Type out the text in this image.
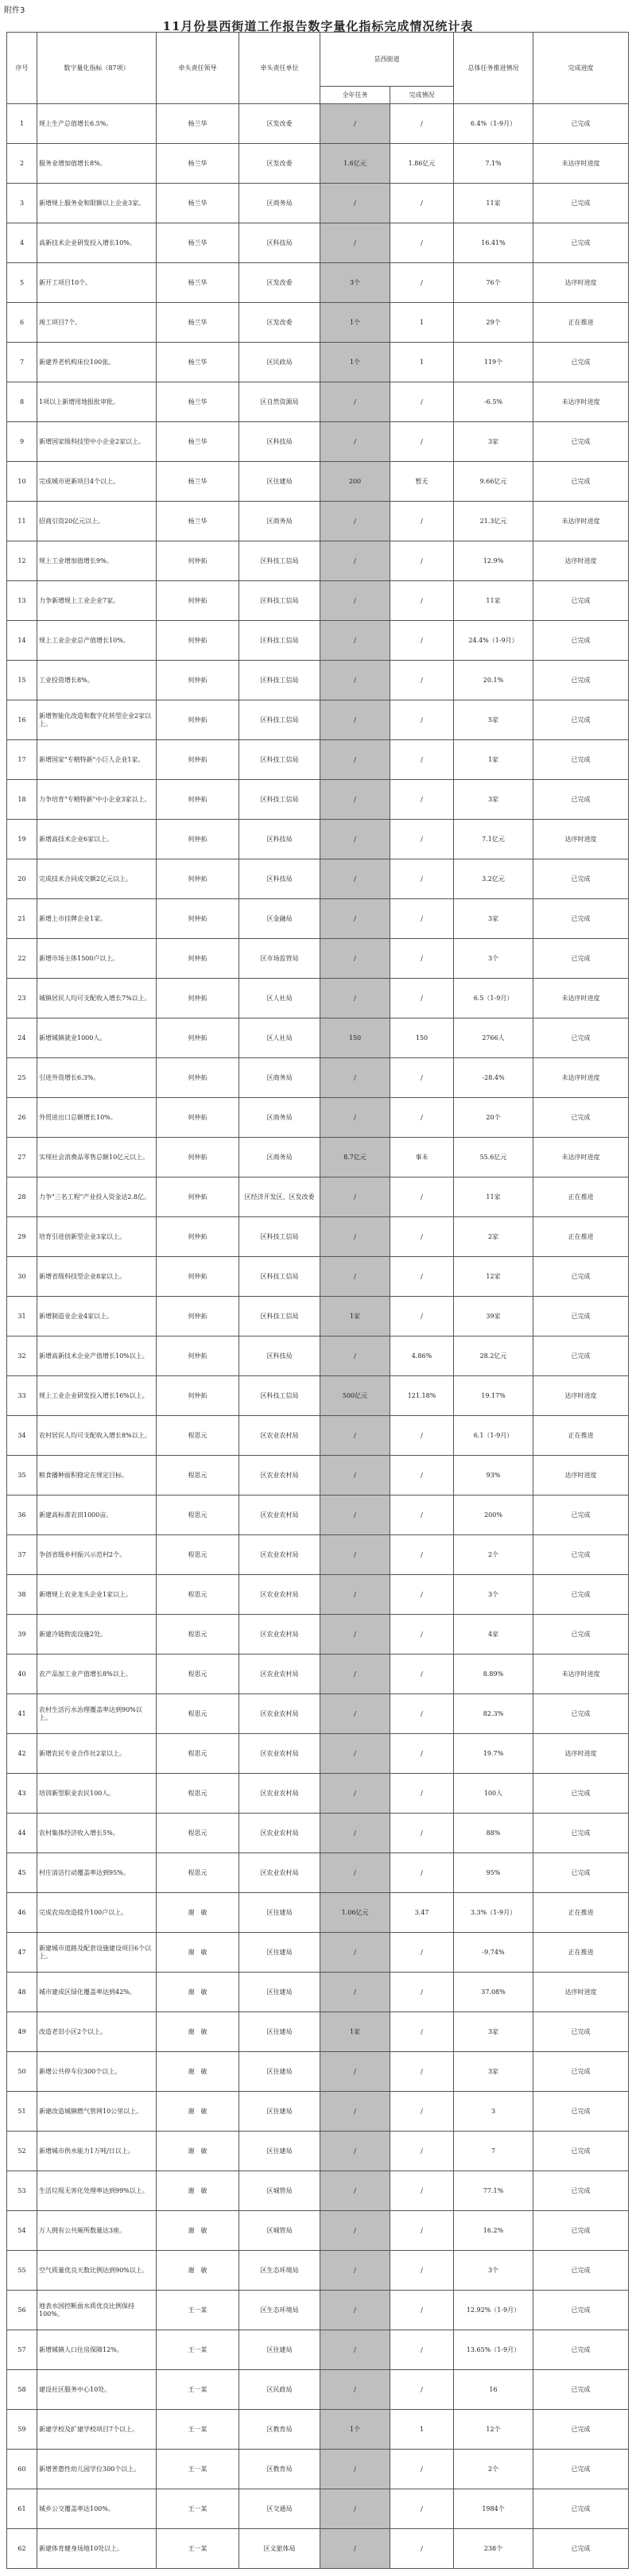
附件3
11月份昙西街道工作报告数字量化指标完成情况统计表
序号	数字量化指标（87项）	牵头责任领导	牵头责任单位	昙西街道		总体任务推进情况	完成进度
				全年任务	完成情况		
1	规上生产总值增长6.5%。	杨兰华	区发改委	/	/	6.4%（1-9月）	已完成
2	服务业增加值增长8%。	杨兰华	区发改委	1.6亿元	1.86亿元	7.1%	未达序时进度
3	新增规上服务业和限额以上企业3家。	杨兰华	区商务局	/	/	11家	已完成
4	高新技术企业研发投入增长10%。	杨兰华	区科技局	/	/	16.41%	已完成
5	新开工项目10个。	杨兰华	区发改委	3个	/	76个	达序时进度
6	竣工项目7个。	杨兰华	区发改委	1个	1	29个	正在推进
7	新建养老机构床位100张。	杨兰华	区民政局	1个	1	119个	已完成
8	1项以上新增用地报批审批。	杨兰华	区自然资源局	/	/	-6.5%	未达序时进度
9	新增国家级科技型中小企业2家以上。	杨兰华	区科技局	/	/	3家	已完成
10	完成城市更新项目4个以上。	杨兰华	区住建局	200	暂无	9.66亿元	已完成
11	招商引资20亿元以上。	杨兰华	区商务局	/	/	21.3亿元	未达序时进度
12	规上工业增加值增长9%。	何仲拓	区科技工信局	/	/	12.9%	达序时进度
13	力争新增规上工业企业7家。	何仲拓	区科技工信局	/	/	11家	已完成
14	规上工业企业总产值增长10%。	何仲拓	区科技工信局	/	/	24.4%（1-9月）	已完成
15	工业投资增长8%。	何仲拓	区科技工信局	/	/	20.1%	已完成
16	新增智能化改造和数字化转型企业2家以上。	何仲拓	区科技工信局	/	/	5家	已完成
17	新增国家"专精特新"小巨人企业1家。	何仲拓	区科技工信局	/	/	1家	已完成
18	力争培育"专精特新"中小企业3家以上。	何仲拓	区科技工信局	/	/	3家	已完成
19	新增高技术企业6家以上。	何仲拓	区科技局	/	/	7.1亿元	达序时进度
20	完成技术合同成交额2亿元以上。	何仲拓	区科技局	/	/	3.2亿元	已完成
21	新增上市挂牌企业1家。	何仲拓	区金融局	/	/	3家	已完成
22	新增市场主体1500户以上。	何仲拓	区市场监管局	/	/	3个	已完成
23	城镇居民人均可支配收入增长7%以上。	何仲拓	区人社局	/	/	6.5（1-9月）	未达序时进度
24	新增城镇就业1000人。	何仲拓	区人社局	150	150	2766人	已完成
25	引进外资增长6.3%。	何仲拓	区商务局	/	/	-28.4%	未达序时进度
26	外贸进出口总额增长10%。	何仲拓	区商务局	/	/	20个	已完成
27	实现社会消费品零售总额10亿元以上。	何仲拓	区商务局	8.7亿元	事未	55.6亿元	未达序时进度
28	力争"三名工程"产业投入资金达2.8亿。	何仲拓	区经济开发区、区发改委	/	/	11家	正在推进
29	培育引进创新型企业3家以上。	何仲拓	区科技工信局	/	/	2家	正在推进
30	新增省级科技型企业8家以上。	何仲拓	区科技工信局	/	/	12家	已完成
31	新增制造业企业4家以上。	何仲拓	区科技工信局	1家	/	39家	已完成
32	新增高新技术企业产值增长10%以上。	何仲拓	区科技局	/	4.86%	28.2亿元	已完成
33	规上工业企业研发投入增长16%以上。	何仲拓	区科技工信局	500亿元	121.18%	19.17%	达序时进度
34	农村居民人均可支配收入增长8%以上。	程思元	区农业农村局	/	/	6.1（1-9月）	正在推进
35	粮食播种面积稳定在规定目标。	程思元	区农业农村局	/	/	93%	达序时进度
36	新建高标准农田1000亩。	程思元	区农业农村局	/	/	200%	已完成
37	争创省级乡村振兴示范村2个。	程思元	区农业农村局	/	/	2个	已完成
38	新增规上农业龙头企业1家以上。	程思元	区农业农村局	/	/	3个	已完成
39	新建冷链物流设施2处。	程思元	区农业农村局	/	/	4家	已完成
40	农产品加工业产值增长8%以上。	程思元	区农业农村局	/	/	8.89%	未达序时进度
41	农村生活污水治理覆盖率达到90%以上。	程思元	区农业农村局	/	/	82.3%	已完成
42	新增农民专业合作社2家以上。	程思元	区农业农村局	/	/	19.7%	达序时进度
43	培训新型职业农民100人。	程思元	区农业农村局	/	/	100人	已完成
44	农村集体经济收入增长5%。	程思元	区农业农村局	/	/	88%	已完成
45	村庄清洁行动覆盖率达到95%。	程思元	区农业农村局	/	/	95%	已完成
46	完成农房改造提升100户以上。	谢　敏	区住建局	1.06亿元	3.47	3.3%（1-9月）	正在推进
47	新建城市道路及配套设施建设项目6个以上。	谢　敏	区住建局	/	/	-9.74%	正在推进
48	城市建成区绿化覆盖率达到42%。	谢　敏	区住建局	/	/	37.08%	达序时进度
49	改造老旧小区2个以上。	谢　敏	区住建局	1家	/	3家	已完成
50	新增公共停车位300个以上。	谢　敏	区住建局	/	/	3家	已完成
51	新建改造城镇燃气管网10公里以上。	谢　敏	区住建局	/	/	3	已完成
52	新增城市供水能力1万吨/日以上。	谢　敏	区住建局	/	/	7	已完成
53	生活垃圾无害化处理率达到99%以上。	谢　敏	区城管局	/	/	77.1%	已完成
54	万人拥有公共厕所数量达3座。	谢　敏	区城管局	/	/	16.2%	已完成
55	空气质量优良天数比例达到90%以上。	谢　敏	区生态环境局	/	/	3个	已完成
56	地表水国控断面水质优良比例保持100%。	王一某	区生态环境局	/	/	12.92%（1-9月）	已完成
57	新增城镇人口住房保障12%。	王一某	区住建局	/	/	13.65%（1-9月）	已完成
58	建设社区服务中心10处。	王一某	区民政局	/	/	16	已完成
59	新建学校及扩建学校项目7个以上。	王一某	区教育局	1个	1	12个	已完成
60	新增普惠性幼儿园学位300个以上。	王一某	区教育局	/	/	2个	已完成
61	城乡公交覆盖率达100%。	王一某	区交通局	/	/	1984个	已完成
62	新建体育健身场地10处以上。	王一某	区文旅体局	/	/	238个	已完成
